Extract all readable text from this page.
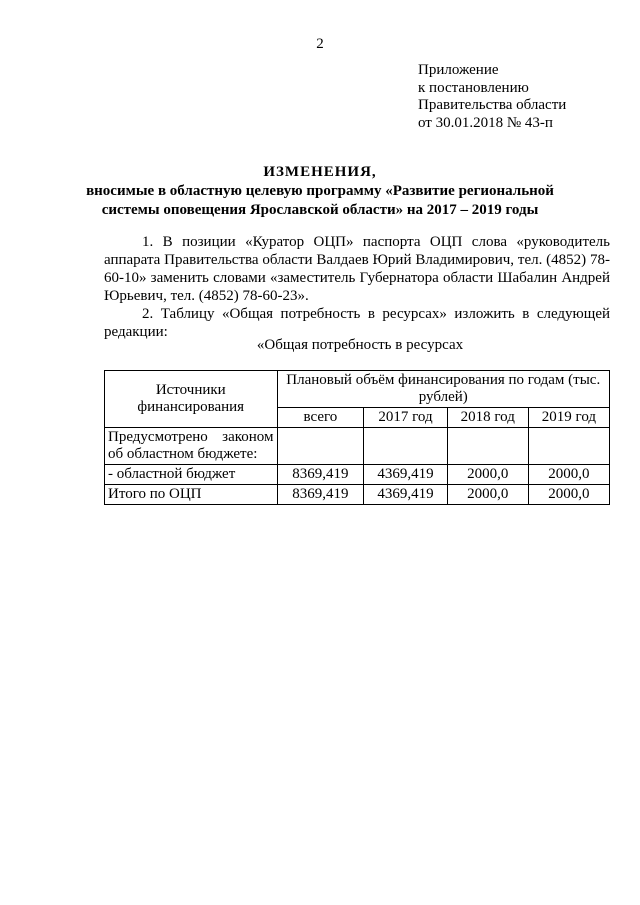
2
Приложение
к постановлению
Правительства области
от 30.01.2018 № 43-п
ИЗМЕНЕНИЯ,
вносимые в областную целевую программу «Развитие региональной
системы оповещения Ярославской области» на 2017 – 2019 годы

1. В позиции «Куратор ОЦП» паспорта ОЦП слова «руководитель аппарата Правительства области Валдаев Юрий Владимирович, тел. (4852) 78-60-10» заменить словами «заместитель Губернатора области Шабалин Андрей Юрьевич, тел. (4852) 78-60-23».

2. Таблицу «Общая потребность в ресурсах» изложить в следующей редакции:

«Общая потребность в ресурсах
Источники финансирования	Плановый объём финансирования по годам (тыс. рублей)			
	всего	2017 год	2018 год	2019 год
Предусмотрено законом об областном бюджете:				
- областной бюджет	8369,419	4369,419	2000,0	2000,0
Итого по ОЦП	8369,419	4369,419	2000,0	2000,0
